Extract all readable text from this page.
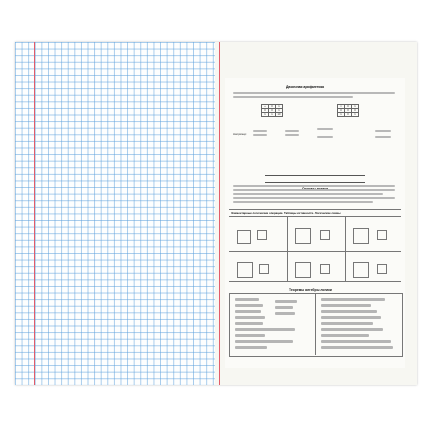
Двоичная арифметика
+	0	1
0	0	1
1	1	10
×	0	1
0	0	0
1	0	1
Например:
Элементарные логические операции. Таблицы истинности. Логические схемы
Теоремы алгебры логики
